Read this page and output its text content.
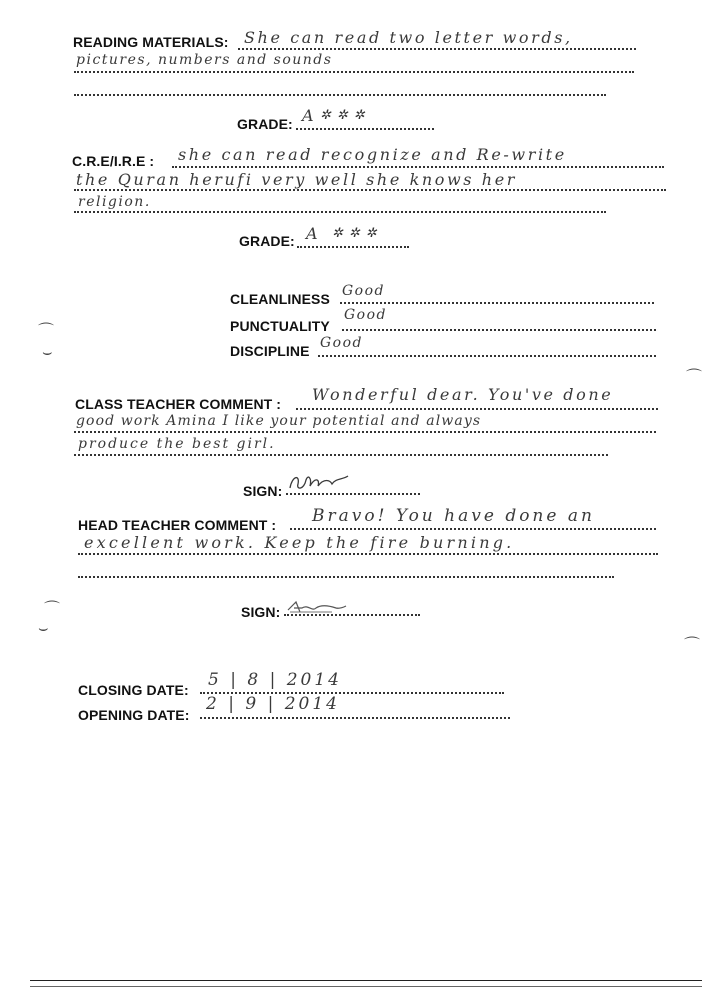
READING MATERIALS: She can read two letter words,
pictures, numbers and sounds
GRADE: A ✲✲✲
C.R.E/I.R.E : she can read recognize and Re-write
the Quran herufi very well she knows her
religion.
GRADE: A ✲✲✲
CLEANLINESS Good
PUNCTUALITY
Good
DISCIPLINE Good
CLASS TEACHER COMMENT : Wonderful dear. You've done
good work Amina I like your potential and always
produce the best girl.
SIGN:
HEAD TEACHER COMMENT : Bravo! You have done an
excellent work. Keep the fire burning.
SIGN:
CLOSING DATE: 5 | 8 | 2014
OPENING DATE:
2 | 9 | 2014
⌒
⌣
⌒
⌒
⌣
⌒
